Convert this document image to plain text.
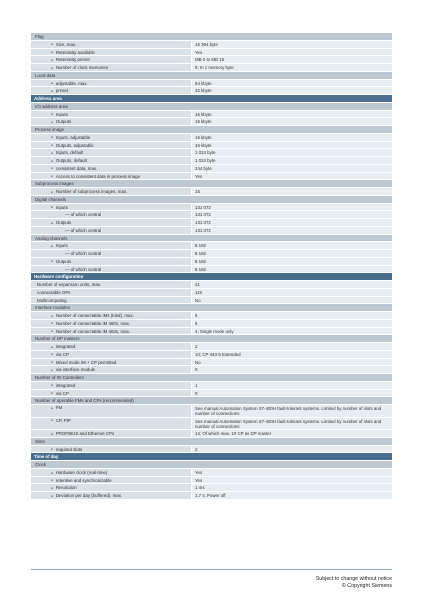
Flag
● Size, max.	16 384 byte
● Retentivity available	Yes
● Retentivity preset	MB 0 to MB 15
● Number of clock memories	8; In 1 memory byte
Local data
● adjustable, max.	64 kbyte
● preset	32 kbyte
Address area
I/O address area
● Inputs	16 kbyte
● Outputs	16 kbyte
Process image
● Inputs, adjustable	16 kbyte
● Outputs, adjustable	16 kbyte
● Inputs, default	1 024 byte
● Outputs, default	1 024 byte
● consistent data, max.	244 byte
● Access to consistent data in process image	Yes
Subprocess images
● Number of subprocess images, max.	15
Digital channels
● Inputs	131 072
— of which central	131 072
● Outputs	131 072
— of which central	131 072
Analog channels
● Inputs	8 192
— of which central	8 192
● Outputs	8 192
— of which central	8 192
Hardware configuration
Number of expansion units, max.	21
connectable OPs	119
Multicomputing	No
Interface modules
● Number of connectable IMs (total), max.	6
● Number of connectable IM 460s, max.	6
● Number of connectable IM 463s, max.	4; Single mode only
Number of DP masters
● integrated	2
● via CP	10; CP 443-5 Extended
● Mixed mode IM + CP permitted	No
● via interface module	0
Number of IO Controllers
● integrated	1
● via CP	0
Number of operable FMs and CPs (recommended)
● FM	See manual Automation System S7-400H fault-tolerant systems. Limited by number of slots and number of connections
● CP, PtP	See manual Automation System S7-400H fault-tolerant systems. Limited by number of slots and number of connections
● PROFIBUS and Ethernet CPs	14; Of which max. 10 CP as DP master
Slots
● required slots	2
Time of day
Clock
● Hardware clock (real-time)	Yes
● retentive and synchronizable	Yes
● Resolution	1 ms
● Deviation per day (buffered), max.	1.7 s; Power off
Subject to change without notice
© Copyright Siemens
